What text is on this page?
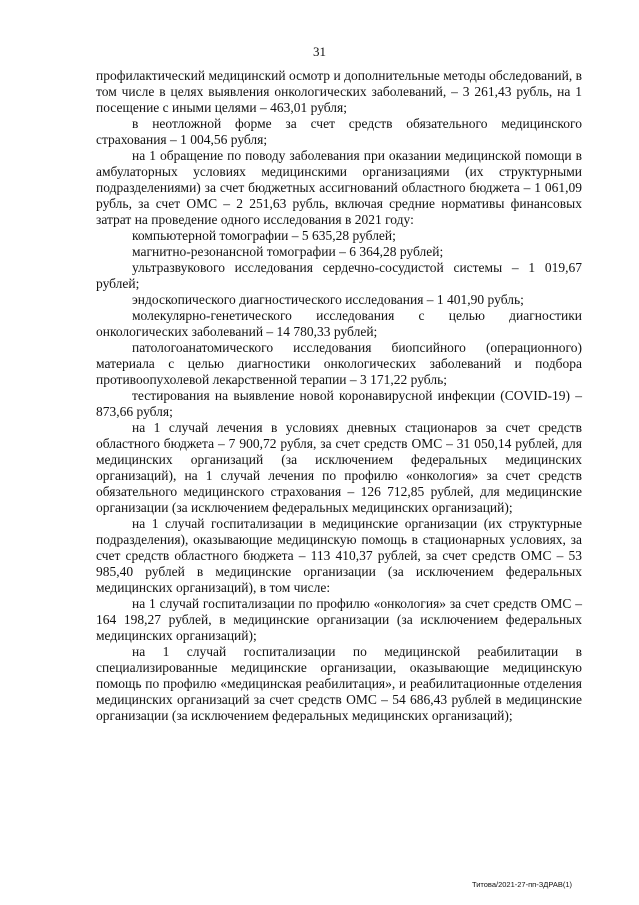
31

профилактический медицинский осмотр и дополнительные методы обследований, в том числе в целях выявления онкологических заболеваний, – 3 261,43 рубль, на 1 посещение с иными целями – 463,01 рубля;

в неотложной форме за счет средств обязательного медицинского страхования – 1 004,56 рубля;

на 1 обращение по поводу заболевания при оказании медицинской помощи в амбулаторных условиях медицинскими организациями (их структурными подразделениями) за счет бюджетных ассигнований областного бюджета – 1 061,09 рубль, за счет ОМС – 2 251,63 рубль, включая средние нормативы финансовых затрат на проведение одного исследования в 2021 году:

компьютерной томографии – 5 635,28 рублей;

магнитно-резонансной томографии – 6 364,28 рублей;

ультразвукового исследования сердечно-сосудистой системы – 1 019,67 рублей;

эндоскопического диагностического исследования – 1 401,90 рубль;

молекулярно-генетического исследования с целью диагностики онкологических заболеваний – 14 780,33 рублей;

патологоанатомического исследования биопсийного (операционного) материала с целью диагностики онкологических заболеваний и подбора противоопухолевой лекарственной терапии – 3 171,22 рубль;

тестирования на выявление новой коронавирусной инфекции (COVID-19) – 873,66 рубля;

на 1 случай лечения в условиях дневных стационаров за счет средств областного бюджета – 7 900,72 рубля, за счет средств ОМС – 31 050,14 рублей, для медицинских организаций (за исключением федеральных медицинских организаций), на 1 случай лечения по профилю «онкология» за счет средств обязательного медицинского страхования – 126 712,85 рублей, для медицинские организации (за исключением федеральных медицинских организаций);

на 1 случай госпитализации в медицинские организации (их структурные подразделения), оказывающие медицинскую помощь в стационарных условиях, за счет средств областного бюджета – 113 410,37 рублей, за счет средств ОМС – 53 985,40 рублей в медицинские организации (за исключением федеральных медицинских организаций), в том числе:

на 1 случай госпитализации по профилю «онкология» за счет средств ОМС – 164 198,27 рублей, в медицинские организации (за исключением федеральных медицинских организаций);

на 1 случай госпитализации по медицинской реабилитации в специализированные медицинские организации, оказывающие медицинскую помощь по профилю «медицинская реабилитация», и реабилитационные отделения медицинских организаций за счет средств ОМС – 54 686,43 рублей в медицинские организации (за исключением федеральных медицинских организаций);

Титова/2021-27-пп-ЗДРАВ(1)
